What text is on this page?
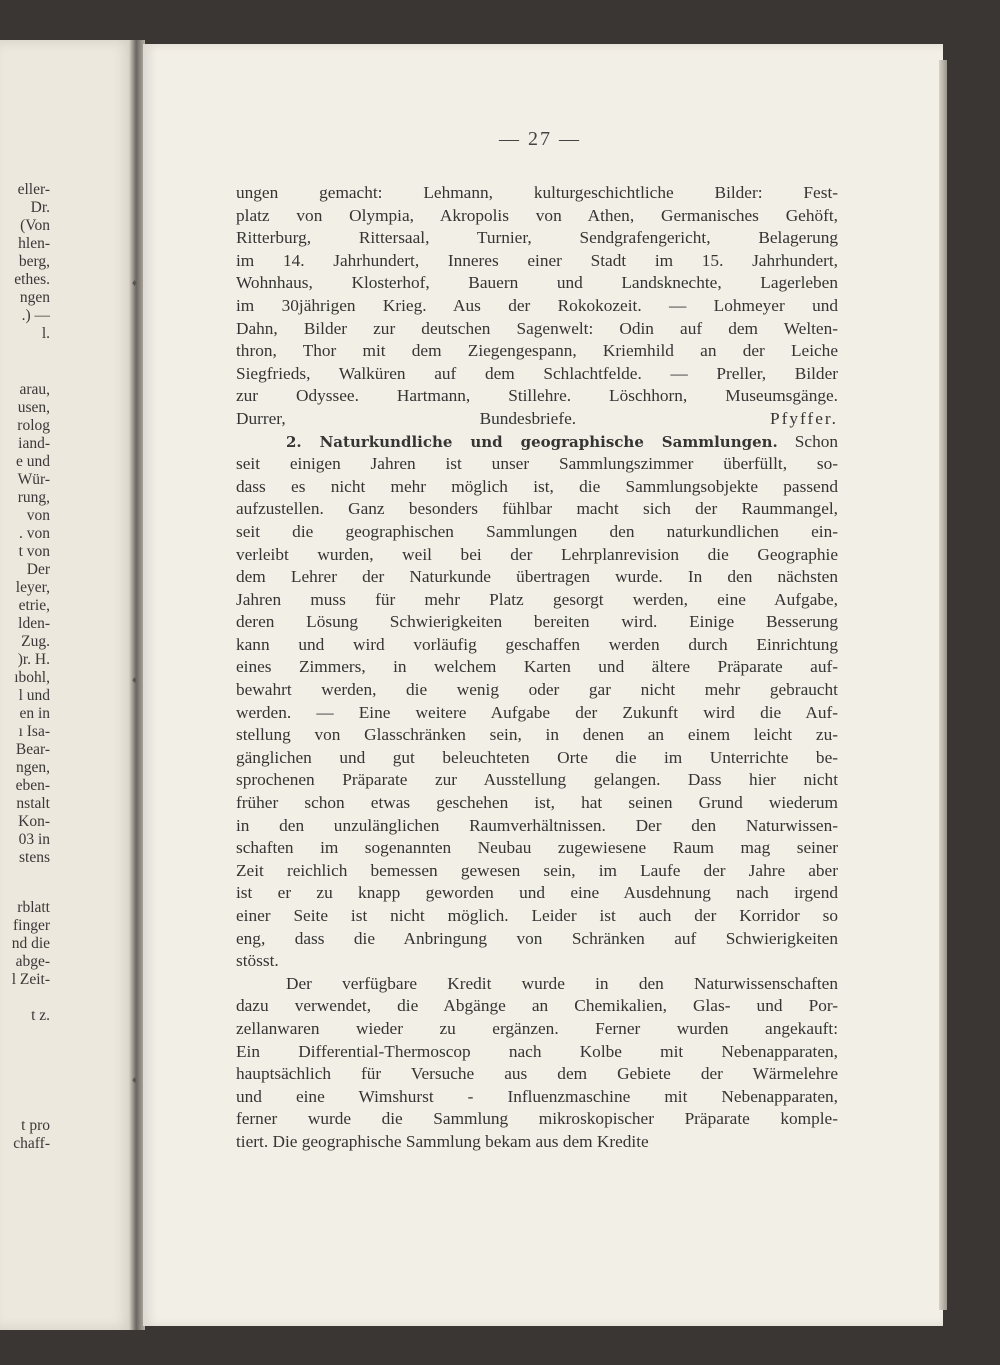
eller-
Dr.
(Von
hlen-
berg,
ethes.
ngen
.) —
l.
arau,
usen,
rolog
iand-
e und
Wür-
rung,
von
. von
t von
Der
leyer,
etrie,
lden-
Zug.
)r. H.
ıbohl,
l und
en in
ı Isa-
Bear-
ngen,
eben-
nstalt
Kon-
03 in
stens
rblatt
finger
nd die
abge-
l Zeit-
t z.
t pro
chaff-
— 27 —
ungen gemacht: Lehmann, kulturgeschichtliche Bilder: Fest-
platz von Olympia, Akropolis von Athen, Germanisches Gehöft,
Ritterburg, Rittersaal, Turnier, Sendgrafengericht, Belagerung
im 14. Jahrhundert, Inneres einer Stadt im 15. Jahrhundert,
Wohnhaus, Klosterhof, Bauern und Landsknechte, Lagerleben
im 30jährigen Krieg. Aus der Rokokozeit. — Lohmeyer und
Dahn, Bilder zur deutschen Sagenwelt: Odin auf dem Welten-
thron, Thor mit dem Ziegengespann, Kriemhild an der Leiche
Siegfrieds, Walküren auf dem Schlachtfelde. — Preller, Bilder
zur Odyssee. Hartmann, Stillehre. Löschhorn, Museumsgänge.
Durrer, Bundesbriefe.	Pfyffer.
2. Naturkundliche und geographische Sammlungen. Schon
seit einigen Jahren ist unser Sammlungszimmer überfüllt, so-
dass es nicht mehr möglich ist, die Sammlungsobjekte passend
aufzustellen. Ganz besonders fühlbar macht sich der Raummangel,
seit die geographischen Sammlungen den naturkundlichen ein-
verleibt wurden, weil bei der Lehrplanrevision die Geographie
dem Lehrer der Naturkunde übertragen wurde. In den nächsten
Jahren muss für mehr Platz gesorgt werden, eine Aufgabe,
deren Lösung Schwierigkeiten bereiten wird. Einige Besserung
kann und wird vorläufig geschaffen werden durch Einrichtung
eines Zimmers, in welchem Karten und ältere Präparate auf-
bewahrt werden, die wenig oder gar nicht mehr gebraucht
werden. — Eine weitere Aufgabe der Zukunft wird die Auf-
stellung von Glasschränken sein, in denen an einem leicht zu-
gänglichen und gut beleuchteten Orte die im Unterrichte be-
sprochenen Präparate zur Ausstellung gelangen. Dass hier nicht
früher schon etwas geschehen ist, hat seinen Grund wiederum
in den unzulänglichen Raumverhältnissen. Der den Naturwissen-
schaften im sogenannten Neubau zugewiesene Raum mag seiner
Zeit reichlich bemessen gewesen sein, im Laufe der Jahre aber
ist er zu knapp geworden und eine Ausdehnung nach irgend
einer Seite ist nicht möglich. Leider ist auch der Korridor so
eng, dass die Anbringung von Schränken auf Schwierigkeiten
stösst.
Der verfügbare Kredit wurde in den Naturwissenschaften
dazu verwendet, die Abgänge an Chemikalien, Glas- und Por-
zellanwaren wieder zu ergänzen. Ferner wurden angekauft:
Ein Differential-Thermoscop nach Kolbe mit Nebenapparaten,
hauptsächlich für Versuche aus dem Gebiete der Wärmelehre
und eine Wimshurst - Influenzmaschine mit Nebenapparaten,
ferner wurde die Sammlung mikroskopischer Präparate komple-
tiert. Die geographische Sammlung bekam aus dem Kredite
♦
♦
♦
